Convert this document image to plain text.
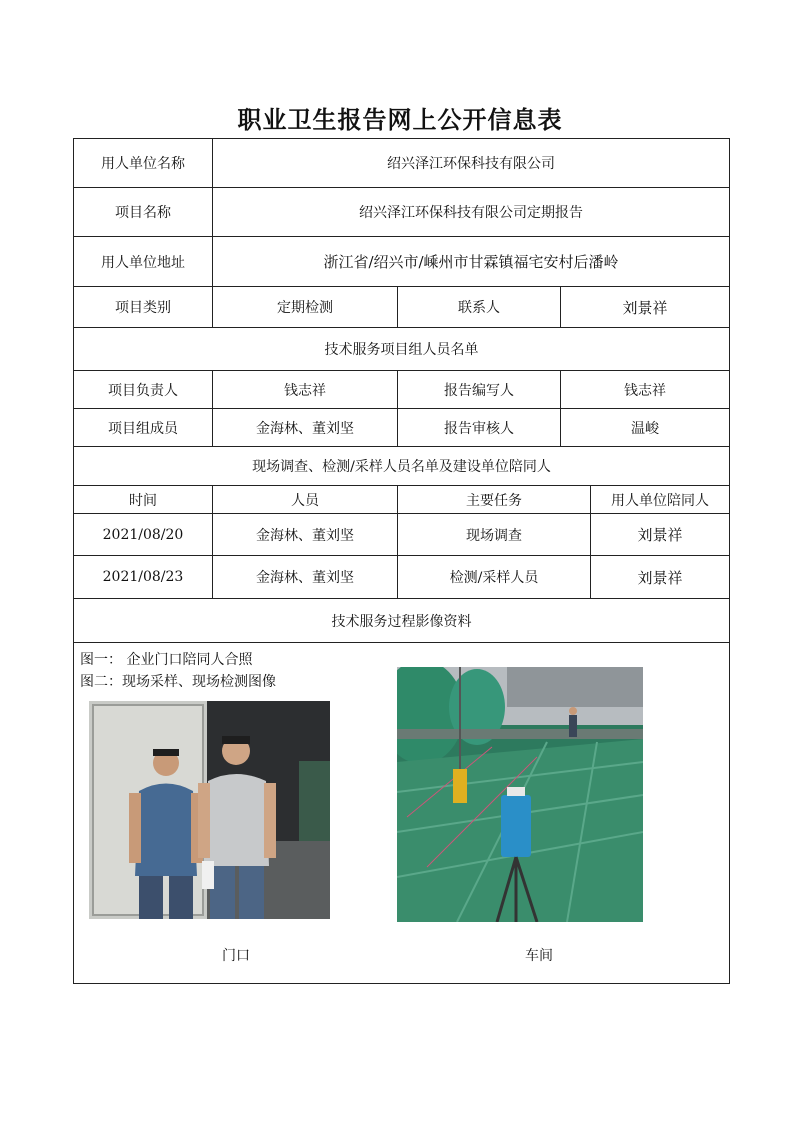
职业卫生报告网上公开信息表
用人单位名称	绍兴泽江环保科技有限公司			
项目名称	绍兴泽江环保科技有限公司定期报告			
用人单位地址	浙江省/绍兴市/嵊州市甘霖镇福宅安村后潘岭			
项目类别	定期检测	联系人	刘景祥	
技术服务项目组人员名单				
项目负责人	钱志祥	报告编写人	钱志祥	
项目组成员	金海林、董刘坚	报告审核人	温峻	
现场调查、检测/采样人员名单及建设单位陪同人				
时间	人员	主要任务		用人单位陪同人
2021/08/20	金海林、董刘坚	现场调查		刘景祥
2021/08/23	金海林、董刘坚	检测/采样人员		刘景祥
技术服务过程影像资料				

图一： 企业门口陪同人合照
图二：现场采样、现场检测图像
门口 车间				
